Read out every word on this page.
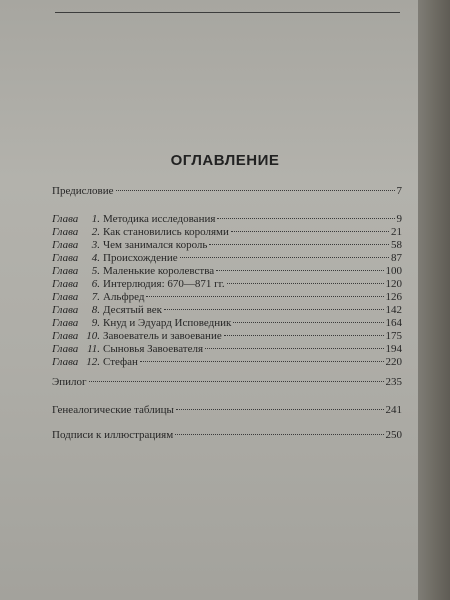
ОГЛАВЛЕНИЕ
Предисловие	7
Глава	1. Методика исследования	9
Глава	2. Как становились королями	21
Глава	3. Чем занимался король	58
Глава	4. Происхождение	87
Глава	5. Маленькие королевства	100
Глава	6. Интерлюдия: 670—871 гг.	120
Глава	7. Альфред	126
Глава	8. Десятый век	142
Глава	9. Кнуд и Эдуард Исповедник	164
Глава 10. Завоеватель и завоевание	175
Глава 11. Сыновья Завоевателя	194
Глава 12. Стефан	220
Эпилог	235
Генеалогические таблицы	241
Подписи к иллюстрациям	250
